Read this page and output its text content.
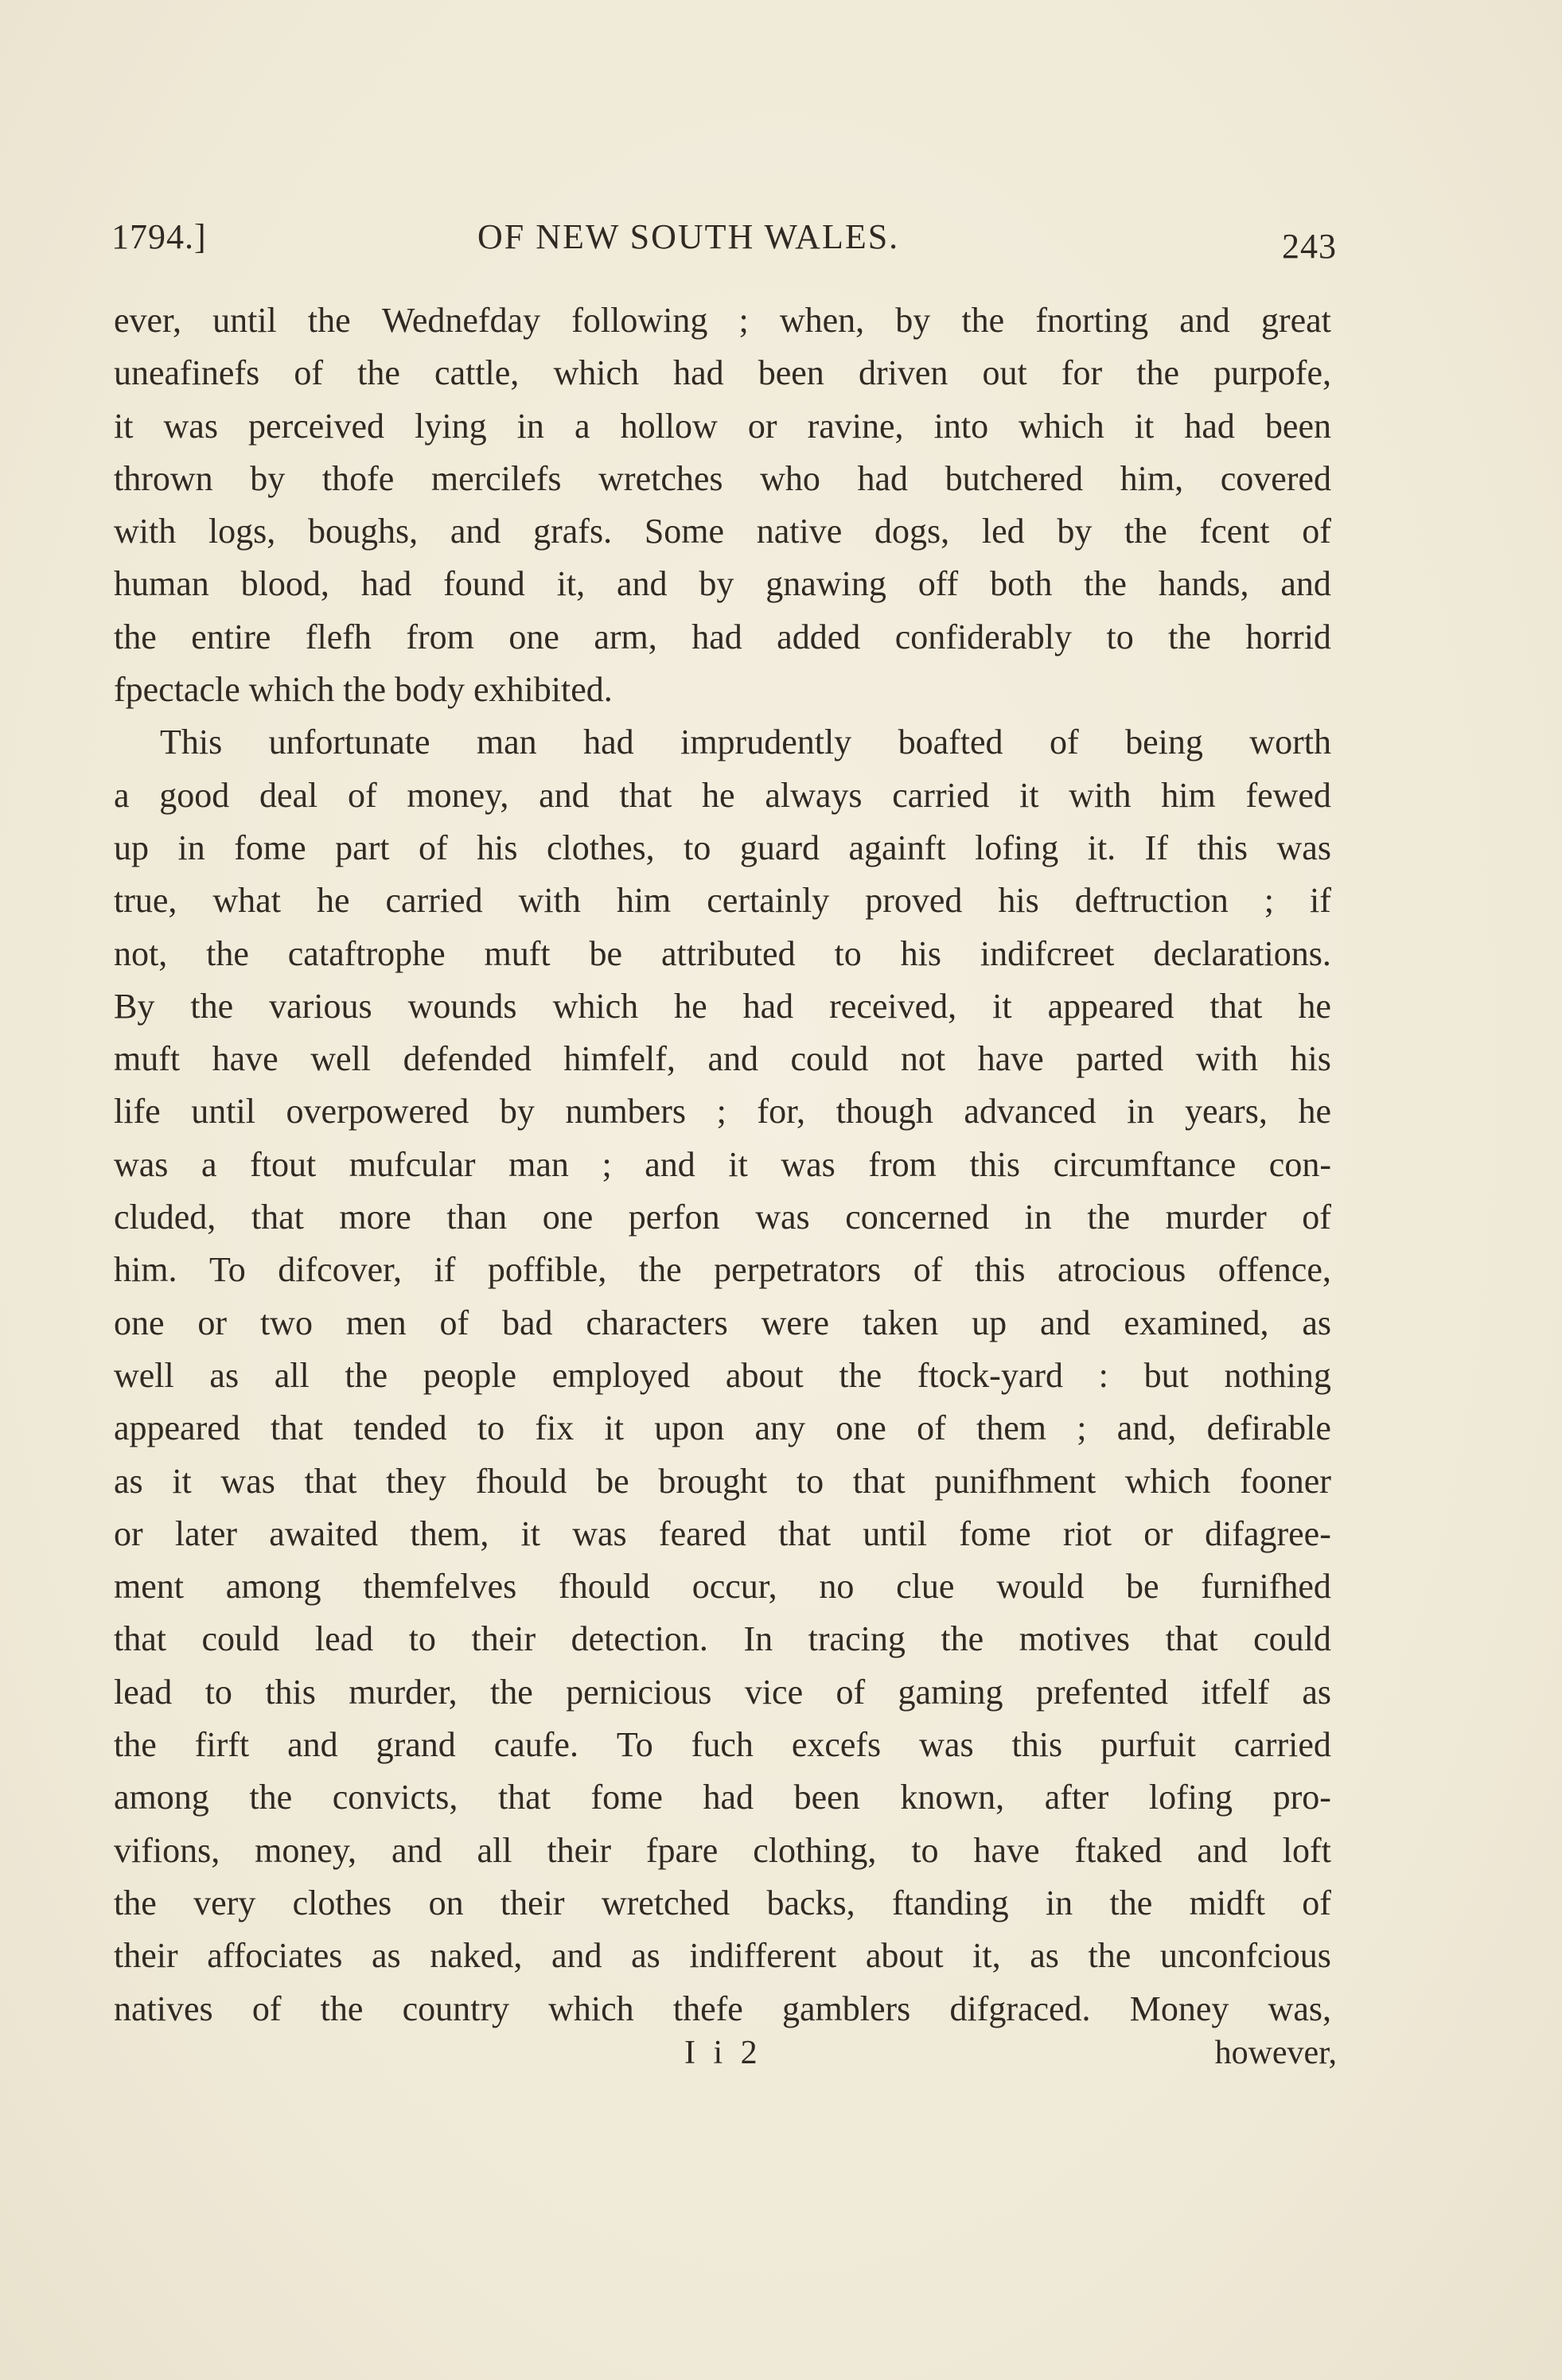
1794.]	OF NEW SOUTH WALES.	243
ever, until the Wednefday following ; when, by the fnorting and great
uneafinefs of the cattle, which had been driven out for the purpofe,
it was perceived lying in a hollow or ravine, into which it had been
thrown by thofe mercilefs wretches who had butchered him, covered
with logs, boughs, and grafs. Some native dogs, led by the fcent of
human blood, had found it, and by gnawing off both the hands, and
the entire flefh from one arm, had added confiderably to the horrid
fpectacle which the body exhibited.
This unfortunate man had imprudently boafted of being worth
a good deal of money, and that he always carried it with him fewed
up in fome part of his clothes, to guard againft lofing it. If this was
true, what he carried with him certainly proved his deftruction ; if
not, the cataftrophe muft be attributed to his indifcreet declarations.
By the various wounds which he had received, it appeared that he
muft have well defended himfelf, and could not have parted with his
life until overpowered by numbers ; for, though advanced in years, he
was a ftout mufcular man ; and it was from this circumftance con-
cluded, that more than one perfon was concerned in the murder of
him. To difcover, if poffible, the perpetrators of this atrocious offence,
one or two men of bad characters were taken up and examined, as
well as all the people employed about the ftock-yard : but nothing
appeared that tended to fix it upon any one of them ; and, defirable
as it was that they fhould be brought to that punifhment which fooner
or later awaited them, it was feared that until fome riot or difagree-
ment among themfelves fhould occur, no clue would be furnifhed
that could lead to their detection. In tracing the motives that could
lead to this murder, the pernicious vice of gaming prefented itfelf as
the firft and grand caufe. To fuch excefs was this purfuit carried
among the convicts, that fome had been known, after lofing pro-
vifions, money, and all their fpare clothing, to have ftaked and loft
the very clothes on their wretched backs, ftanding in the midft of
their affociates as naked, and as indifferent about it, as the unconfcious
natives of the country which thefe gamblers difgraced. Money was,
I i 2	however,
